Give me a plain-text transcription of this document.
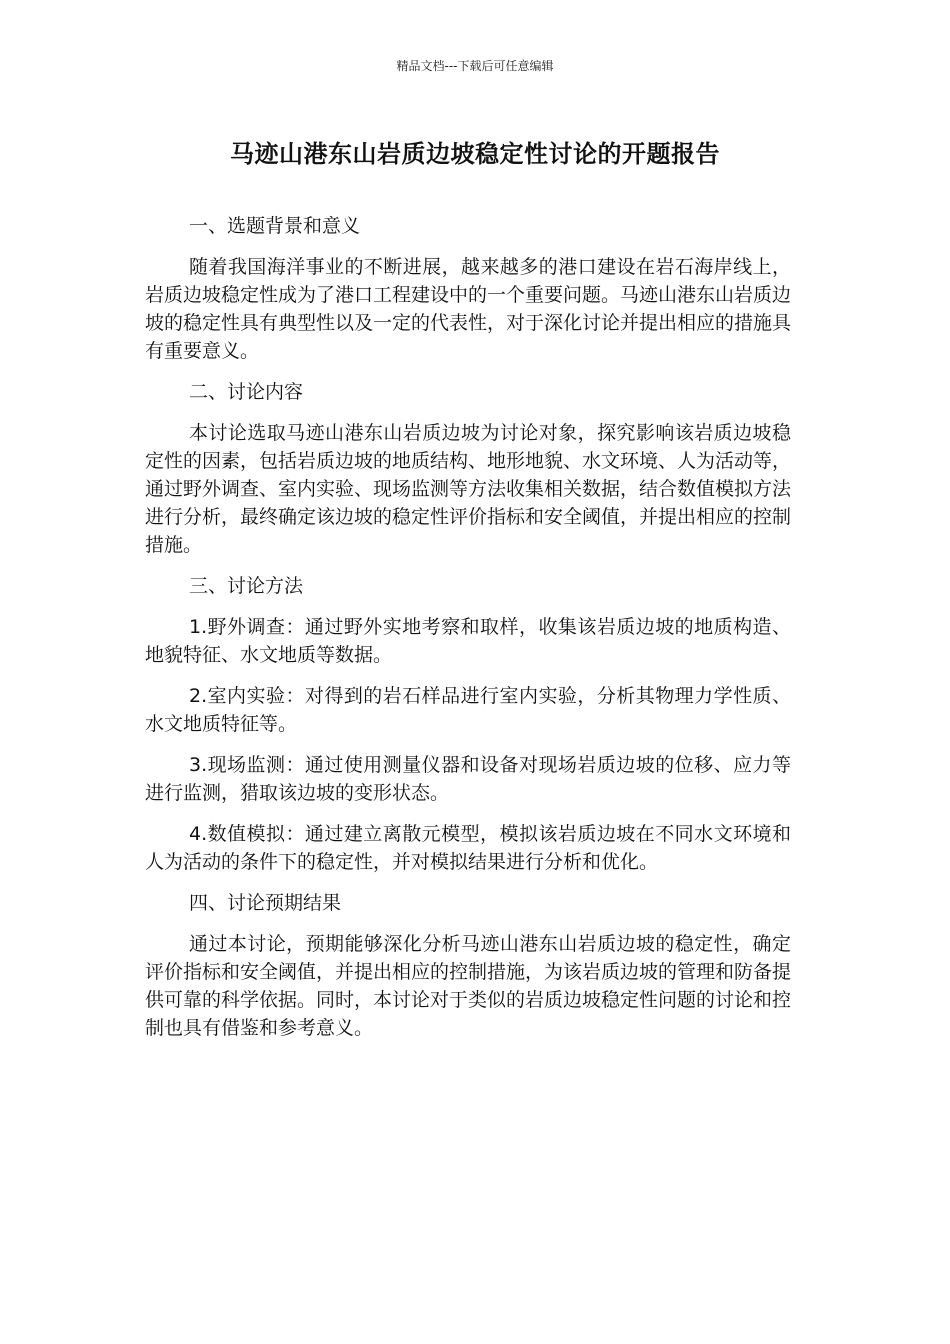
精品文档---下载后可任意编辑
马迹山港东山岩质边坡稳定性讨论的开题报告
一、选题背景和意义
随着我国海洋事业的不断进展，越来越多的港口建设在岩石海岸线上，岩质边坡稳定性成为了港口工程建设中的一个重要问题。马迹山港东山岩质边坡的稳定性具有典型性以及一定的代表性，对于深化讨论并提出相应的措施具有重要意义。
二、讨论内容
本讨论选取马迹山港东山岩质边坡为讨论对象，探究影响该岩质边坡稳定性的因素，包括岩质边坡的地质结构、地形地貌、水文环境、人为活动等，通过野外调查、室内实验、现场监测等方法收集相关数据，结合数值模拟方法进行分析，最终确定该边坡的稳定性评价指标和安全阈值，并提出相应的控制措施。
三、讨论方法
1.野外调查：通过野外实地考察和取样，收集该岩质边坡的地质构造、地貌特征、水文地质等数据。
2.室内实验：对得到的岩石样品进行室内实验，分析其物理力学性质、水文地质特征等。
3.现场监测：通过使用测量仪器和设备对现场岩质边坡的位移、应力等进行监测，猎取该边坡的变形状态。
4.数值模拟：通过建立离散元模型，模拟该岩质边坡在不同水文环境和人为活动的条件下的稳定性，并对模拟结果进行分析和优化。
四、讨论预期结果
通过本讨论，预期能够深化分析马迹山港东山岩质边坡的稳定性，确定评价指标和安全阈值，并提出相应的控制措施，为该岩质边坡的管理和防备提供可靠的科学依据。同时，本讨论对于类似的岩质边坡稳定性问题的讨论和控制也具有借鉴和参考意义。
